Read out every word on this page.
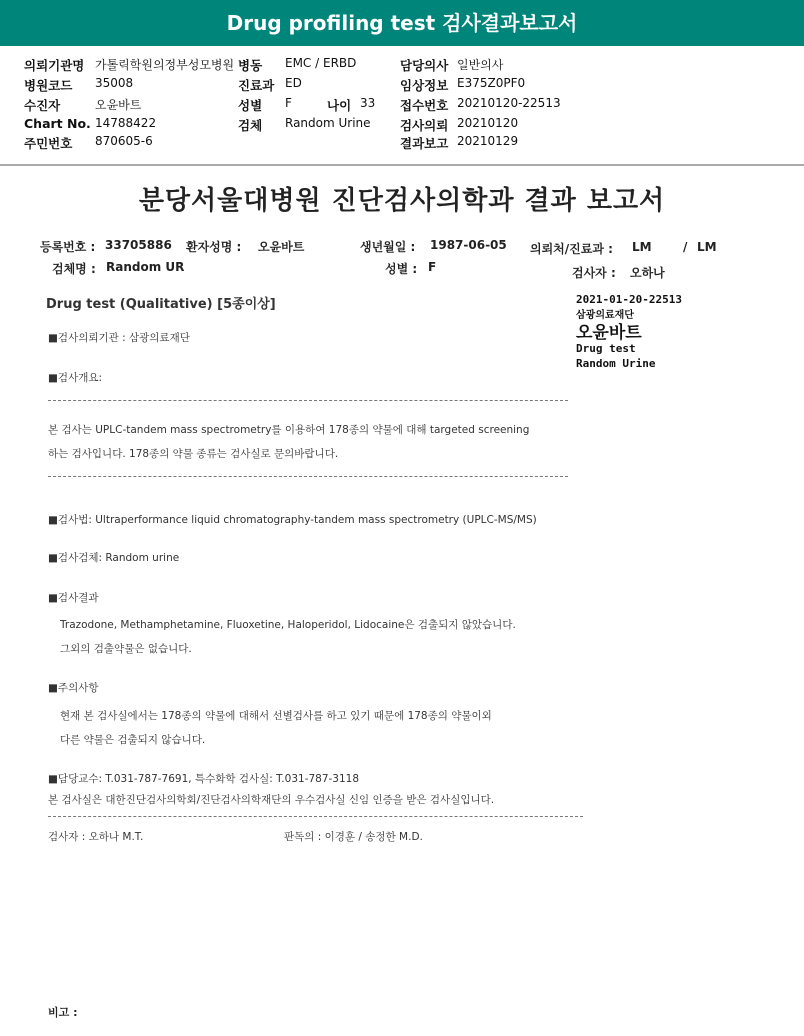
Drug profiling test 검사결과보고서
의뢰기관명 가톨릭학원의정부성모병원 병동 EMC / ERBD	담당의사 일반의사
병원코드 35008	진료과 ED	임상정보 E375Z0PF0
수진자	오윤바트	성별 F	나이 33 접수번호 20210120-22513
Chart No. 14788422	검체 Random Urine 검사의뢰 20210120
주민번호 870605-6	결과보고 20210129
분당서울대병원 진단검사의학과 결과 보고서
등록번호 : 33705886 환자성명 : 오윤바트	생년월일 : 1987-06-05 의뢰처/진료과 : LM	/ LM
검체명 : Random UR	성별 : F	검사자 : 오하나
Drug test (Qualitative) [5종이상]	2021-01-20-22513
삼광의료재단
오윤바트
Drug test
Random Urine
■검사의뢰기관 : 삼광의료재단
■검사개요:
본 검사는 UPLC-tandem mass spectrometry를 이용하여 178종의 약물에 대해 targeted screening
하는 검사입니다. 178종의 약물 종류는 검사실로 문의바랍니다.
■검사법: Ultraperformance liquid chromatography-tandem mass spectrometry (UPLC-MS/MS)
■검사검체: Random urine
■검사결과
Trazodone, Methamphetamine, Fluoxetine, Haloperidol, Lidocaine은 검출되지 않았습니다.
그외의 검출약물은 없습니다.
■주의사항
현재 본 검사실에서는 178종의 약물에 대해서 선별검사를 하고 있기 때문에 178종의 약물이외
다른 약물은 검출되지 않습니다.
■담당교수: T.031-787-7691, 특수화학 검사실: T.031-787-3118
본 검사실은 대한진단검사의학회/진단검사의학재단의 우수검사실 신임 인증을 받은 검사실입니다.
검사자 : 오하나 M.T.	판독의 : 이경훈 / 송정한 M.D.
비고 :
